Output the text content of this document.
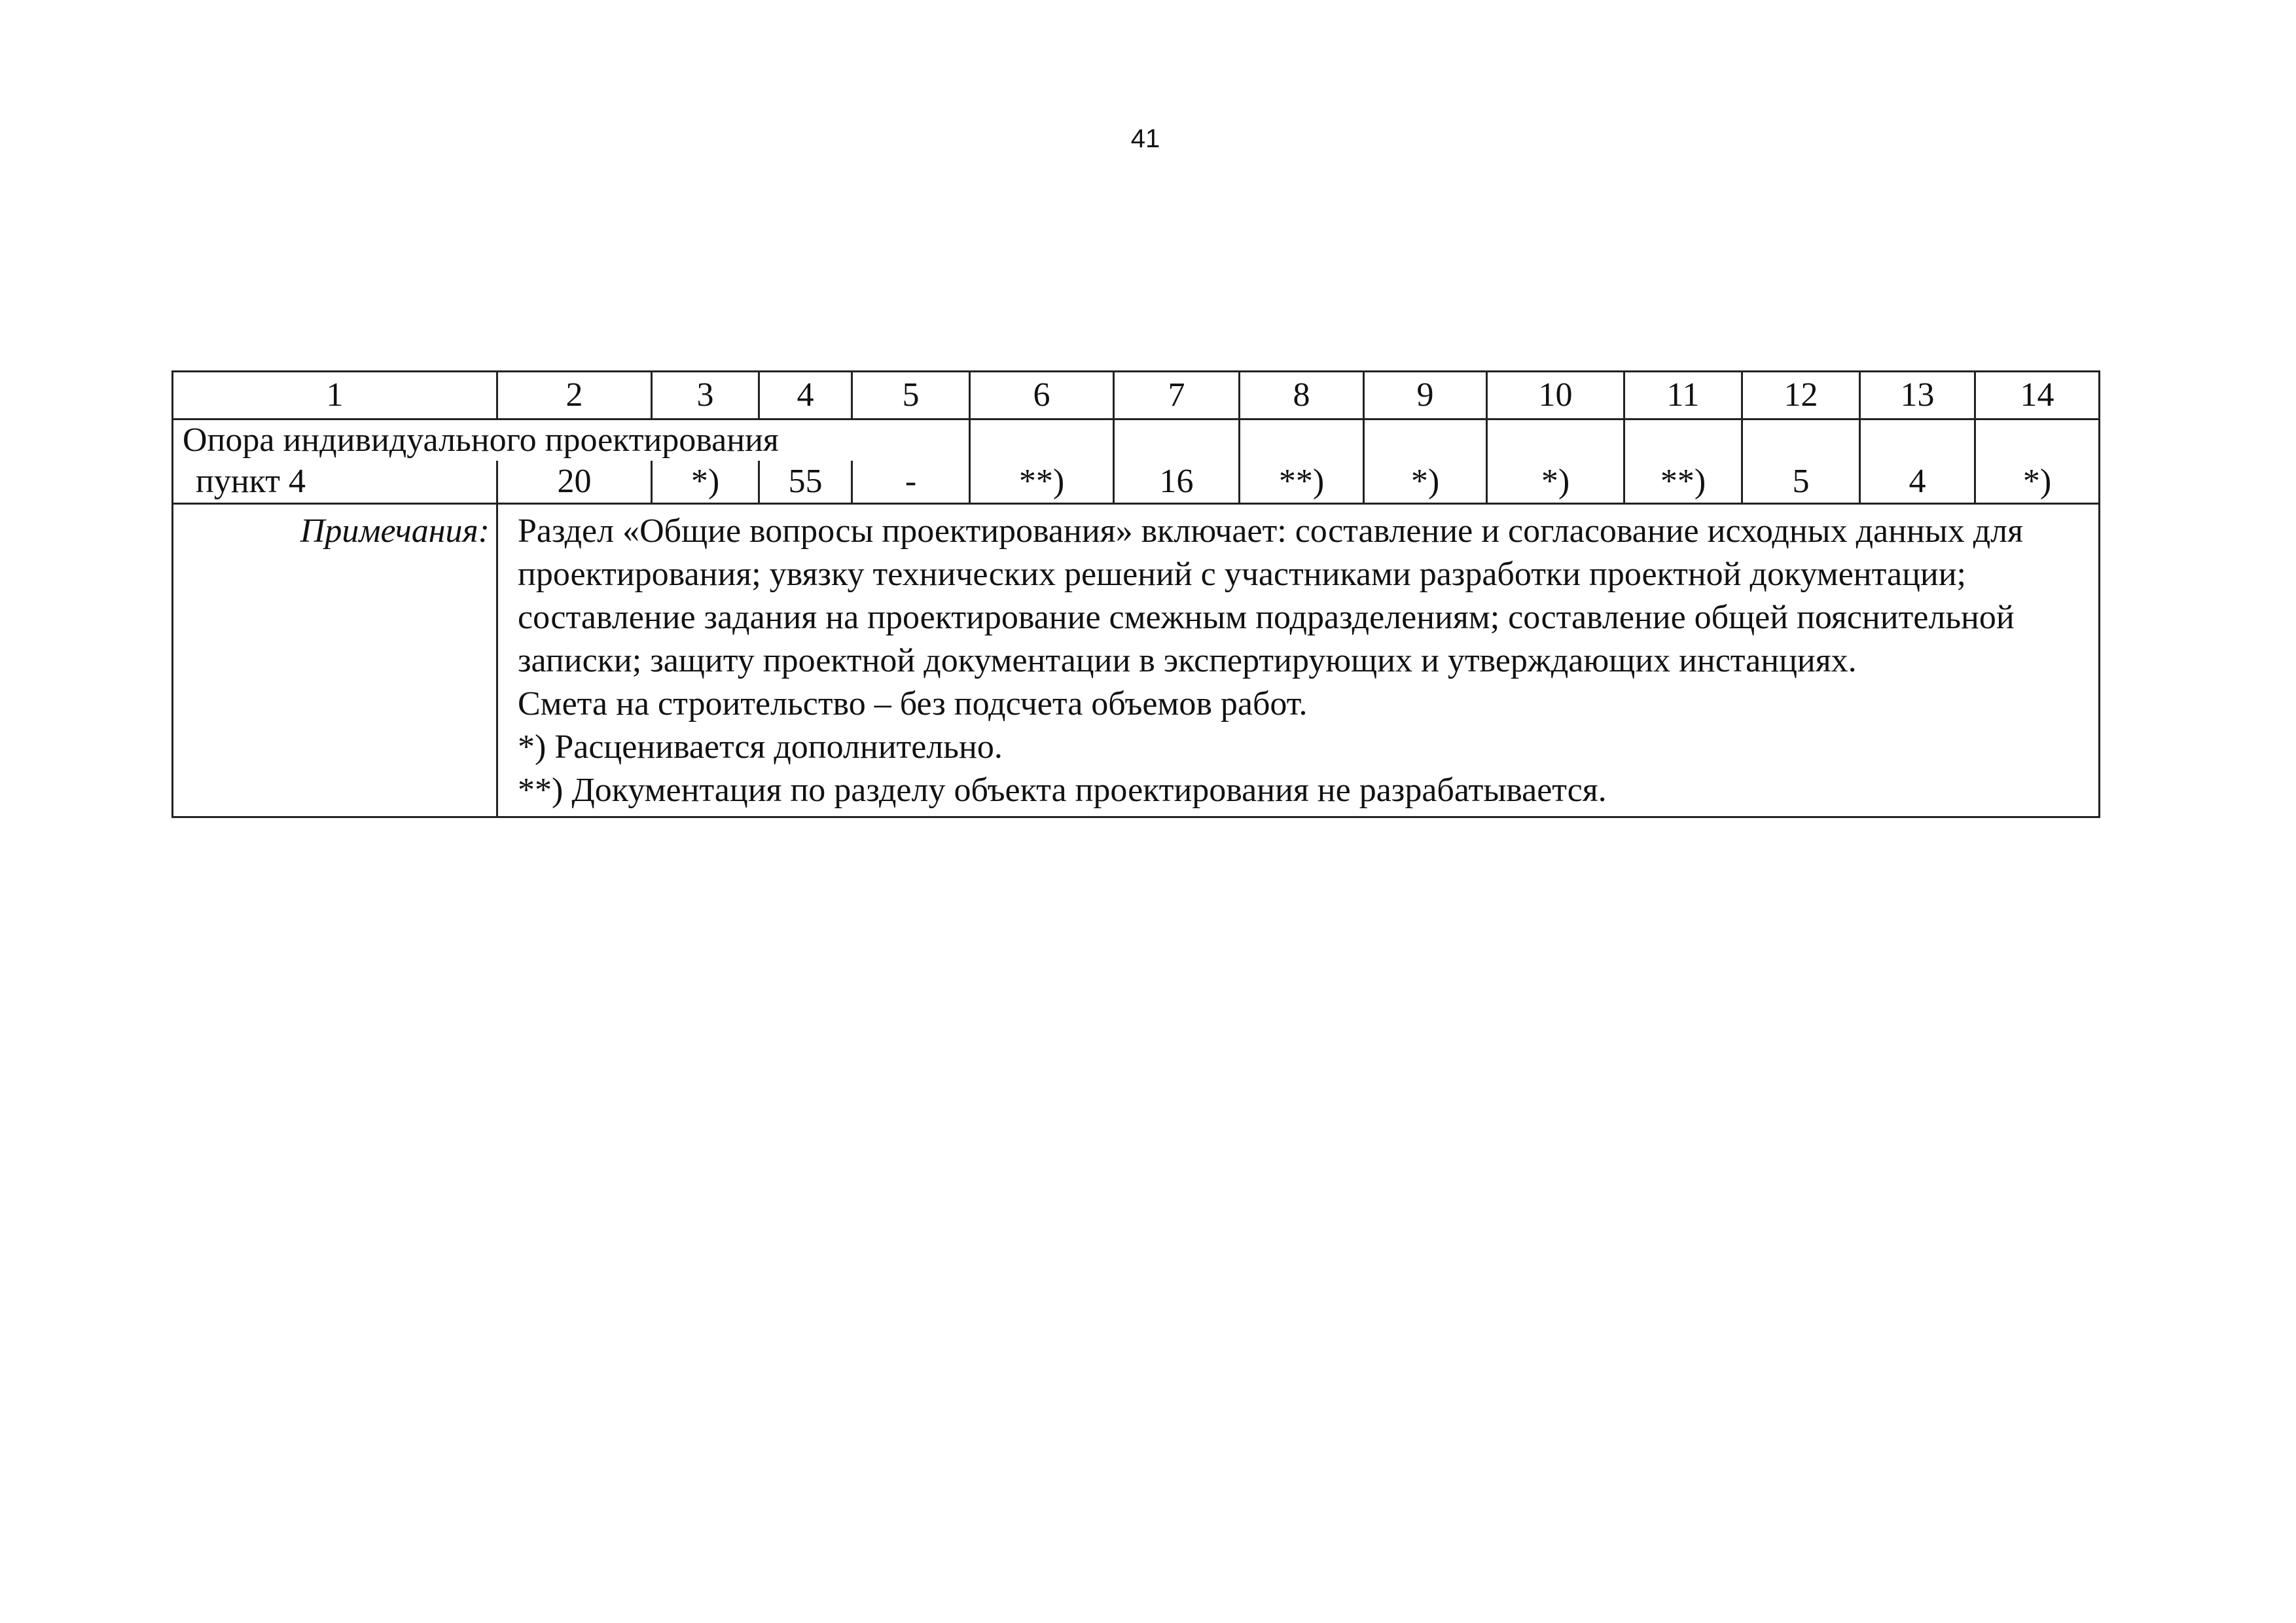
41
1	2	3	4	5	6	7	8	9	10	11	12	13	14
Опора индивидуального проектирования													
пункт 4	20	*)	55	-	**)	16	**)	*)	*)	**)	5	4	*)
Примечания:	Раздел «Общие вопросы проектирования» включает: составление и согласование исходных данных для проектирования; увязку технических решений с участниками разработки проектной документации; составление задания на проектирование смежным подразделениям; составление общей пояснительной записки; защиту проектной документации в экспертирующих и утверждающих инстанциях.

Смета на строительство – без подсчета объемов работ.

*) Расценивается дополнительно.

**) Документация по разделу объекта проектирования не разрабатывается.												
